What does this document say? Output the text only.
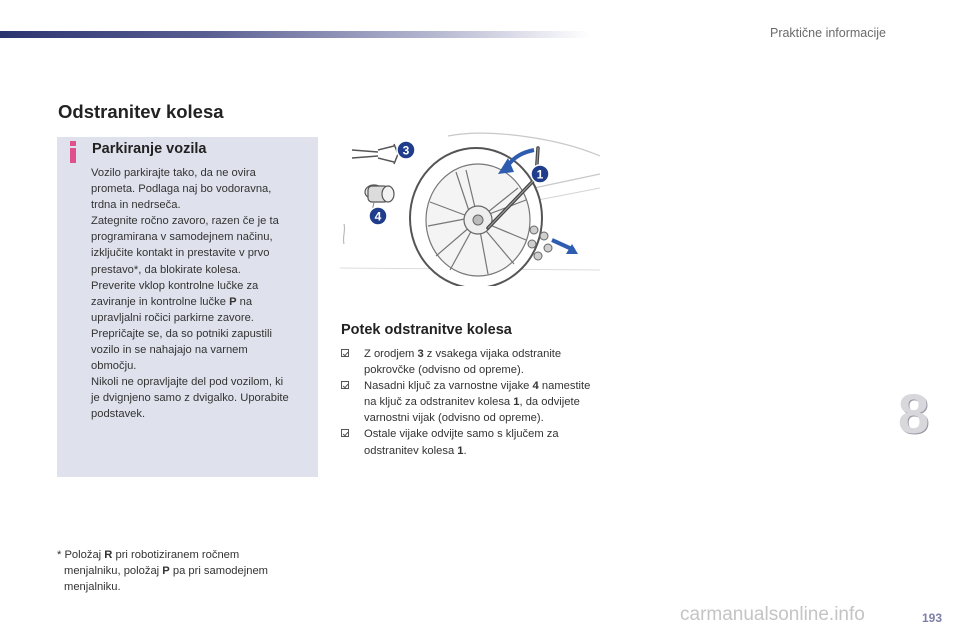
Praktične informacije
Odstranitev kolesa
Parkiranje vozila
Vozilo parkirajte tako, da ne ovira
prometa. Podlaga naj bo vodoravna,
trdna in nedrseča.
Zategnite ročno zavoro, razen če je ta
programirana v samodejnem načinu,
izključite kontakt in prestavite v prvo
prestavo*, da blokirate kolesa.
Preverite vklop kontrolne lučke za
zaviranje in kontrolne lučke P na
upravljalni ročici parkirne zavore.
Prepričajte se, da so potniki zapustili
vozilo in se nahajajo na varnem
območju.
Nikoli ne opravljajte del pod vozilom, ki
je dvignjeno samo z dvigalko. Uporabite
podstavek.
3
1
4
Potek odstranitve kolesa
Z orodjem 3 z vsakega vijaka odstranite pokrovčke (odvisno od opreme).
Nasadni ključ za varnostne vijake 4 namestite na ključ za odstranitev kolesa 1, da odvijete varnostni vijak (odvisno od opreme).
Ostale vijake odvijte samo s ključem za odstranitev kolesa 1.
* Položaj R pri robotiziranem ročnem
menjalniku, položaj P pa pri samodejnem
menjalniku.
8
carmanualsonline.info	193
